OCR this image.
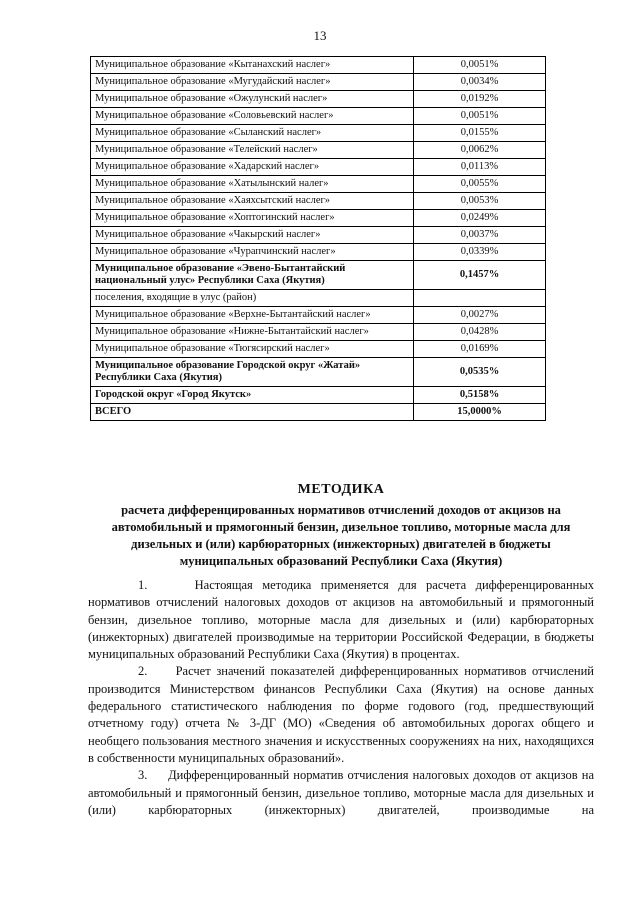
13
Муниципальное образование «Кытанахский наслег»	0,0051%
Муниципальное образование «Мугудайский наслег»	0,0034%
Муниципальное образование «Ожулунский наслег»	0,0192%
Муниципальное образование «Соловьевский наслег»	0,0051%
Муниципальное образование «Сыланский наслег»	0,0155%
Муниципальное образование «Телейский наслег»	0,0062%
Муниципальное образование «Хадарский наслег»	0,0113%
Муниципальное образование «Хатылынский налег»	0,0055%
Муниципальное образование «Хаяхсытский наслег»	0,0053%
Муниципальное образование «Хоптогинский наслег»	0,0249%
Муниципальное образование «Чакырский наслег»	0,0037%
Муниципальное образование «Чурапчинский наслег»	0,0339%
Муниципальное образование «Эвено-Бытантайский национальный улус» Республики Саха (Якутия)	0,1457%
поселения, входящие в улус (район)	
Муниципальное образование «Верхне-Бытантайский наслег»	0,0027%
Муниципальное образование «Нижне-Бытантайский наслег»	0,0428%
Муниципальное образование «Тюгясирский наслег»	0,0169%
Муниципальное образование Городской округ «Жатай» Республики Саха (Якутия)	0,0535%
Городской округ «Город Якутск»	0,5158%
ВСЕГО	15,0000%
МЕТОДИКА
расчета дифференцированных нормативов отчислений доходов от акцизов на автомобильный и прямогонный бензин, дизельное топливо, моторные масла для дизельных и (или) карбюраторных (инжекторных) двигателей в бюджеты муниципальных образований Республики Саха (Якутия)

1.     Настоящая методика применяется для расчета дифференцированных нормативов отчислений налоговых доходов от акцизов на автомобильный и прямогонный бензин, дизельное топливо, моторные масла для дизельных и (или) карбюраторных (инжекторных) двигателей производимые на территории Российской Федерации, в бюджеты муниципальных образований Республики Саха (Якутия) в процентах.

2.     Расчет значений показателей дифференцированных нормативов отчислений производится Министерством финансов Республики Саха (Якутия) на основе данных федерального статистического наблюдения по форме годового (год, предшествующий отчетному году) отчета № 3-ДГ (МО) «Сведения об автомобильных дорогах общего и необщего пользования местного значения и искусственных сооружениях на них, находящихся в собственности муниципальных образований».

3.     Дифференцированный норматив отчисления налоговых доходов от акцизов на автомобильный и прямогонный бензин, дизельное топливо, моторные масла для дизельных и (или) карбюраторных (инжекторных) двигателей, производимые на
